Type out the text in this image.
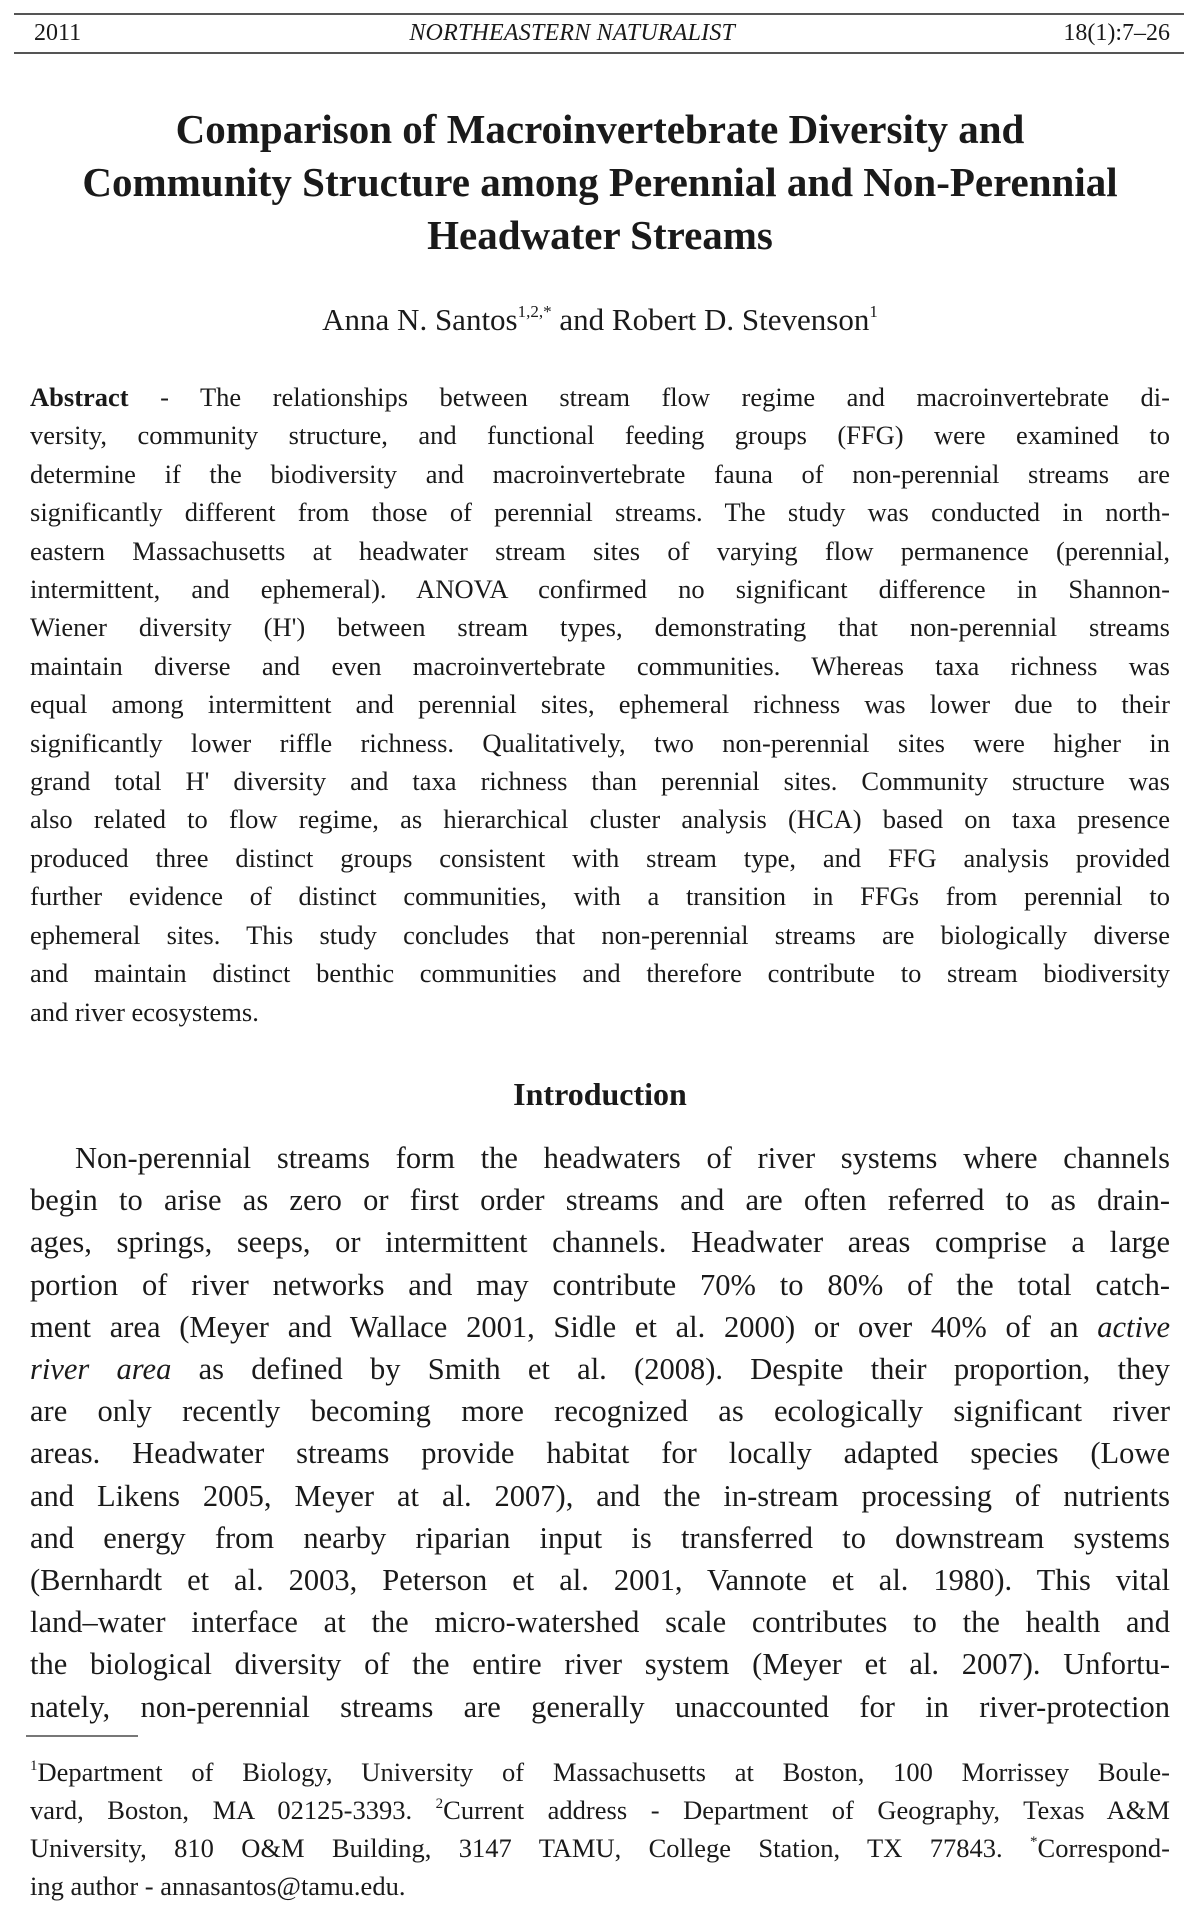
2011	NORTHEASTERN NATURALIST	18(1):7–26
Comparison of Macroinvertebrate Diversity and
Community Structure among Perennial and Non-Perennial
Headwater Streams
Anna N. Santos$^{1,2,*}$ and Robert D. Stevenson$^1$
Abstract - The relationships between stream flow regime and macroinvertebrate di-
versity, community structure, and functional feeding groups (FFG) were examined to
determine if the biodiversity and macroinvertebrate fauna of non-perennial streams are
significantly different from those of perennial streams. The study was conducted in north-
eastern Massachusetts at headwater stream sites of varying flow permanence (perennial,
intermittent, and ephemeral). ANOVA confirmed no significant difference in Shannon-
Wiener diversity (H') between stream types, demonstrating that non-perennial streams
maintain diverse and even macroinvertebrate communities. Whereas taxa richness was
equal among intermittent and perennial sites, ephemeral richness was lower due to their
significantly lower riffle richness. Qualitatively, two non-perennial sites were higher in
grand total H' diversity and taxa richness than perennial sites. Community structure was
also related to flow regime, as hierarchical cluster analysis (HCA) based on taxa presence
produced three distinct groups consistent with stream type, and FFG analysis provided
further evidence of distinct communities, with a transition in FFGs from perennial to
ephemeral sites. This study concludes that non-perennial streams are biologically diverse
and maintain distinct benthic communities and therefore contribute to stream biodiversity
and river ecosystems.
Introduction
Non-perennial streams form the headwaters of river systems where channels
begin to arise as zero or first order streams and are often referred to as drain-
ages, springs, seeps, or intermittent channels. Headwater areas comprise a large
portion of river networks and may contribute 70% to 80% of the total catch-
ment area (Meyer and Wallace 2001, Sidle et al. 2000) or over 40% of an active
river area as defined by Smith et al. (2008). Despite their proportion, they
are only recently becoming more recognized as ecologically significant river
areas. Headwater streams provide habitat for locally adapted species (Lowe
and Likens 2005, Meyer at al. 2007), and the in-stream processing of nutrients
and energy from nearby riparian input is transferred to downstream systems
(Bernhardt et al. 2003, Peterson et al. 2001, Vannote et al. 1980). This vital
land–water interface at the micro-watershed scale contributes to the health and
the biological diversity of the entire river system (Meyer et al. 2007). Unfortu-
nately, non-perennial streams are generally unaccounted for in river-protection
$^1$Department of Biology, University of Massachusetts at Boston, 100 Morrissey Boule-
vard, Boston, MA 02125-3393. $^2$Current address - Department of Geography, Texas A&M
University, 810 O&M Building, 3147 TAMU, College Station, TX 77843. *Correspond-
ing author - annasantos@tamu.edu.
